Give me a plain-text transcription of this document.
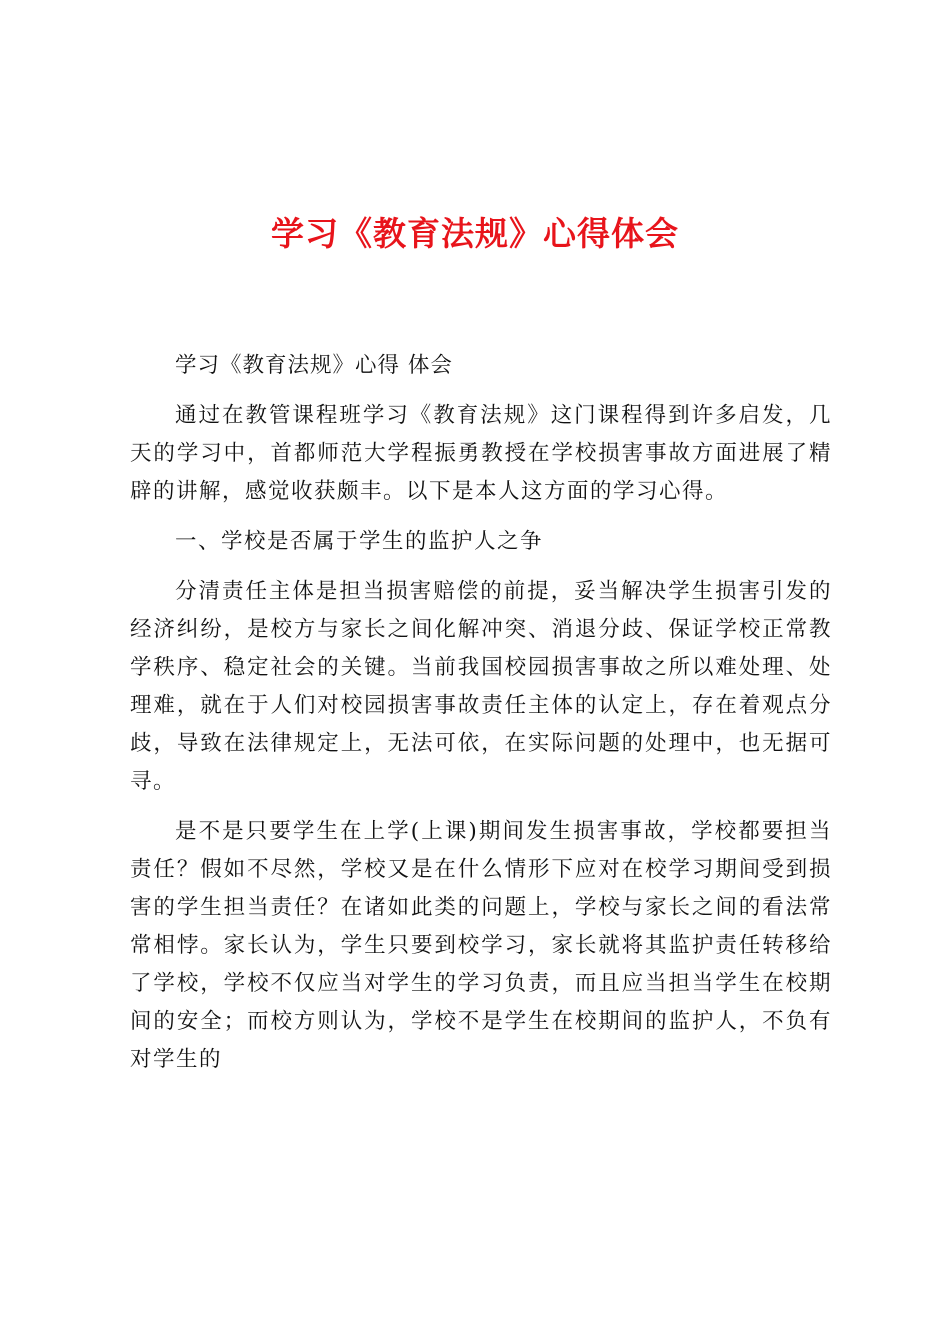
学习《教育法规》心得体会

学习《教育法规》心得 体会

通过在教管课程班学习《教育法规》这门课程得到许多启发，几天的学习中，首都师范大学程振勇教授在学校损害事故方面进展了精辟的讲解，感觉收获颇丰。以下是本人这方面的学习心得。

一、学校是否属于学生的监护人之争

分清责任主体是担当损害赔偿的前提，妥当解决学生损害引发的经济纠纷，是校方与家长之间化解冲突、消退分歧、保证学校正常教学秩序、稳定社会的关键。当前我国校园损害事故之所以难处理、处理难，就在于人们对校园损害事故责任主体的认定上，存在着观点分歧，导致在法律规定上，无法可依，在实际问题的处理中，也无据可寻。

是不是只要学生在上学(上课)期间发生损害事故，学校都要担当责任？假如不尽然，学校又是在什么情形下应对在校学习期间受到损害的学生担当责任？在诸如此类的问题上，学校与家长之间的看法常常相悖。家长认为，学生只要到校学习，家长就将其监护责任转移给了学校，学校不仅应当对学生的学习负责，而且应当担当学生在校期间的安全；而校方则认为，学校不是学生在校期间的监护人，不负有对学生的
